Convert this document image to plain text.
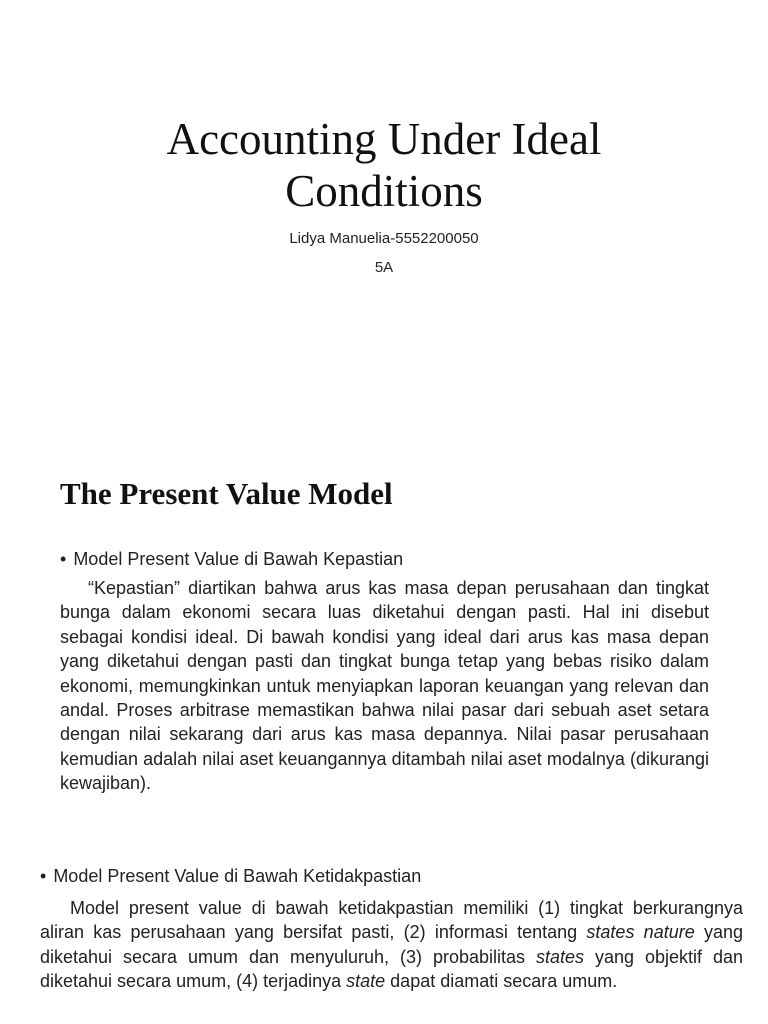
Accounting Under Ideal
Conditions
Lidya Manuelia-5552200050
5A
The Present Value Model
• Model Present Value di Bawah Kepastian
“Kepastian” diartikan bahwa arus kas masa depan perusahaan dan tingkat bunga dalam ekonomi secara luas diketahui dengan pasti. Hal ini disebut sebagai kondisi ideal. Di bawah kondisi yang ideal dari arus kas masa depan yang diketahui dengan pasti dan tingkat bunga tetap yang bebas risiko dalam ekonomi, memungkinkan untuk menyiapkan laporan keuangan yang relevan dan andal. Proses arbitrase memastikan bahwa nilai pasar dari sebuah aset setara dengan nilai sekarang dari arus kas masa depannya. Nilai pasar perusahaan kemudian adalah nilai aset keuangannya ditambah nilai aset modalnya (dikurangi kewajiban).
• Model Present Value di Bawah Ketidakpastian
Model present value di bawah ketidakpastian memiliki (1) tingkat berkurangnya aliran kas perusahaan yang bersifat pasti, (2) informasi tentang states nature yang diketahui secara umum dan menyuluruh, (3) probabilitas states yang objektif dan diketahui secara umum, (4) terjadinya state dapat diamati secara umum.
